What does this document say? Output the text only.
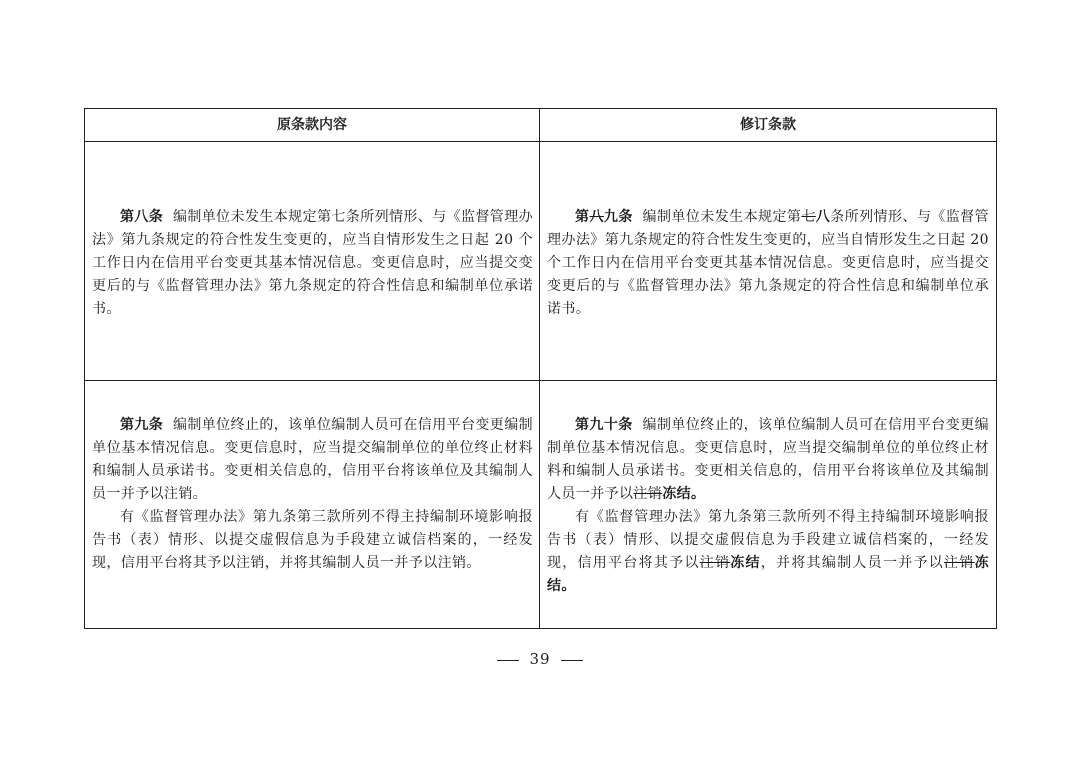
原条款内容	修订条款

第八条 编制单位未发生本规定第七条所列情形、与《监督管理办法》第九条规定的符合性发生变更的，应当自情形发生之日起 20 个工作日内在信用平台变更其基本情况信息。变更信息时，应当提交变更后的与《监督管理办法》第九条规定的符合性信息和编制单位承诺书。

第八九条 编制单位未发生本规定第七八条所列情形、与《监督管理办法》第九条规定的符合性发生变更的，应当自情形发生之日起 20 个工作日内在信用平台变更其基本情况信息。变更信息时，应当提交变更后的与《监督管理办法》第九条规定的符合性信息和编制单位承诺书。

第九条 编制单位终止的，该单位编制人员可在信用平台变更编制单位基本情况信息。变更信息时，应当提交编制单位的单位终止材料和编制人员承诺书。变更相关信息的，信用平台将该单位及其编制人员一并予以注销。

有《监督管理办法》第九条第三款所列不得主持编制环境影响报告书（表）情形、以提交虚假信息为手段建立诚信档案的，一经发现，信用平台将其予以注销，并将其编制人员一并予以注销。

第九十条 编制单位终止的，该单位编制人员可在信用平台变更编制单位基本情况信息。变更信息时，应当提交编制单位的单位终止材料和编制人员承诺书。变更相关信息的，信用平台将该单位及其编制人员一并予以注销冻结。

有《监督管理办法》第九条第三款所列不得主持编制环境影响报告书（表）情形、以提交虚假信息为手段建立诚信档案的，一经发现，信用平台将其予以注销冻结，并将其编制人员一并予以注销冻结。

39
